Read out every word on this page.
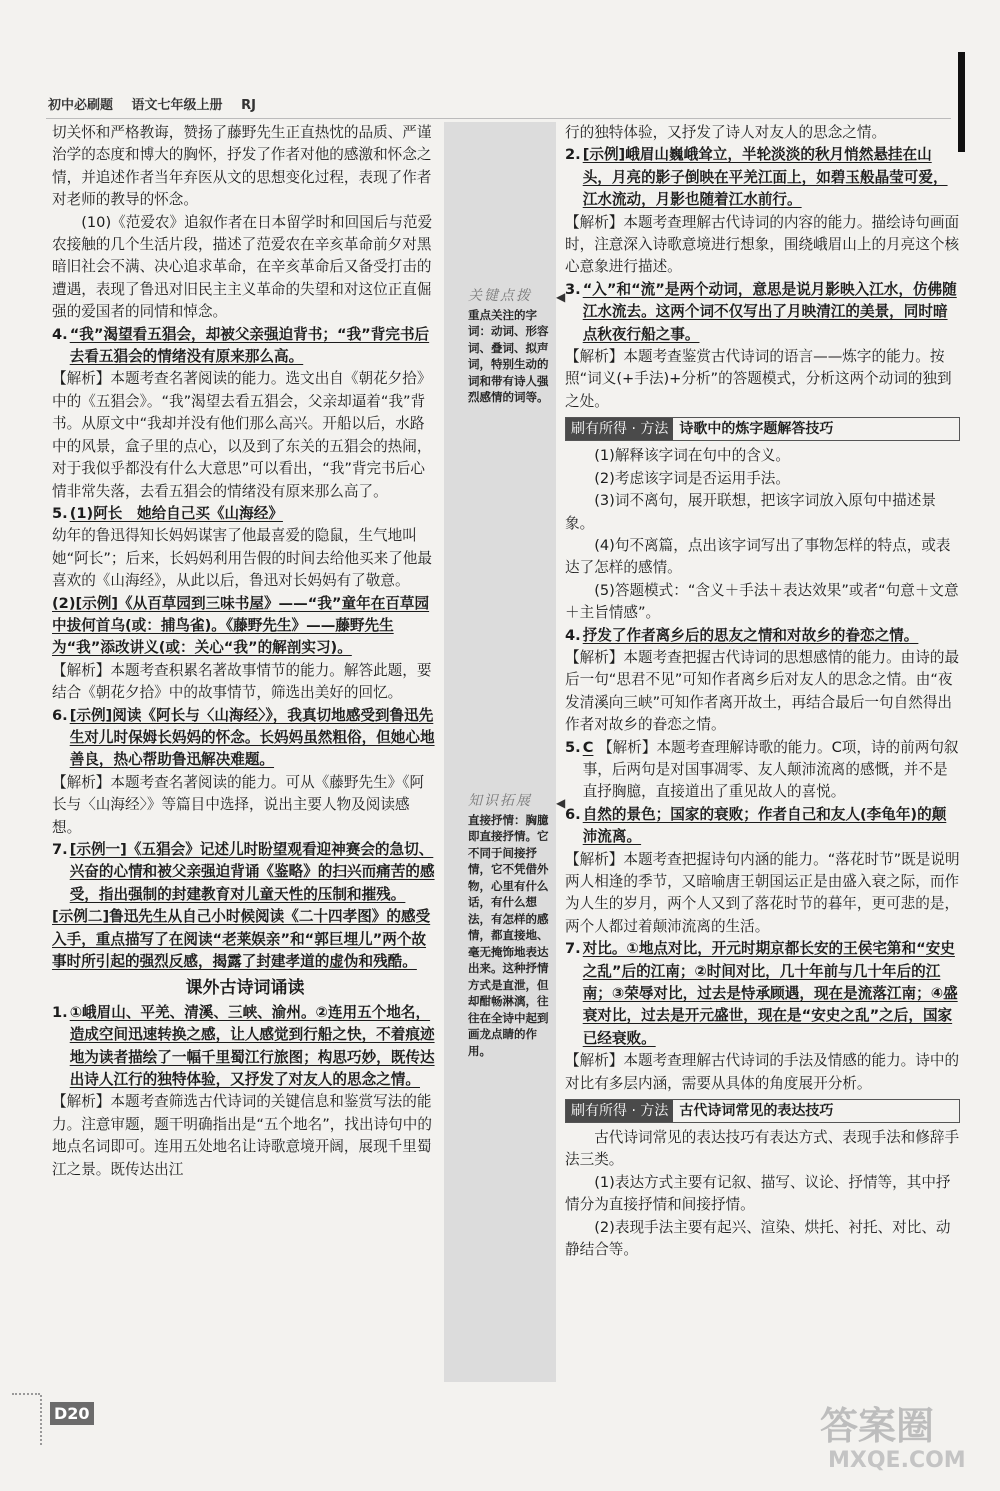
初中必刷题 语文七年级上册 RJ

切关怀和严格教诲，赞扬了藤野先生正直热忱的品质、严谨治学的态度和博大的胸怀，抒发了作者对他的感激和怀念之情，并追述作者当年弃医从文的思想变化过程，表现了作者对老师的教导的怀念。

(10)《范爱农》追叙作者在日本留学时和回国后与范爱农接触的几个生活片段，描述了范爱农在辛亥革命前夕对黑暗旧社会不满、决心追求革命，在辛亥革命后又备受打击的遭遇，表现了鲁迅对旧民主主义革命的失望和对这位正直倔强的爱国者的同情和悼念。

4. “我”渴望看五猖会，却被父亲强迫背书；“我”背完书后去看五猖会的情绪没有原来那么高。

【解析】本题考查名著阅读的能力。选文出自《朝花夕拾》中的《五猖会》。“我”渴望去看五猖会，父亲却逼着“我”背书。从原文中“我却并没有他们那么高兴。开船以后，水路中的风景，盒子里的点心，以及到了东关的五猖会的热闹，对于我似乎都没有什么大意思”可以看出，“我”背完书后心情非常失落，去看五猖会的情绪没有原来那么高了。

5. (1)阿长　她给自己买《山海经》

幼年的鲁迅得知长妈妈谋害了他最喜爱的隐鼠，生气地叫她“阿长”；后来，长妈妈利用告假的时间去给他买来了他最喜欢的《山海经》，从此以后，鲁迅对长妈妈有了敬意。

(2)[示例]《从百草园到三味书屋》——“我”童年在百草园中拔何首乌(或：捕鸟雀)。《藤野先生》——藤野先生为“我”添改讲义(或：关心“我”的解剖实习)。

【解析】本题考查积累名著故事情节的能力。解答此题，要结合《朝花夕拾》中的故事情节，筛选出美好的回忆。

6. [示例]阅读《阿长与〈山海经〉》，我真切地感受到鲁迅先生对儿时保姆长妈妈的怀念。长妈妈虽然粗俗，但她心地善良，热心帮助鲁迅解决难题。

【解析】本题考查名著阅读的能力。可从《藤野先生》《阿长与〈山海经〉》等篇目中选择，说出主要人物及阅读感想。

7. [示例一]《五猖会》记述儿时盼望观看迎神赛会的急切、兴奋的心情和被父亲强迫背诵《鉴略》的扫兴而痛苦的感受，指出强制的封建教育对儿童天性的压制和摧残。

[示例二]鲁迅先生从自己小时候阅读《二十四孝图》的感受入手，重点描写了在阅读“老莱娱亲”和“郭巨埋儿”两个故事时所引起的强烈反感，揭露了封建孝道的虚伪和残酷。

课外古诗词诵读
1. ①峨眉山、平羌、清溪、三峡、渝州。②连用五个地名，造成空间迅速转换之感，让人感觉到行船之快，不着痕迹地为读者描绘了一幅千里蜀江行旅图；构思巧妙，既传达出诗人江行的独特体验，又抒发了对友人的思念之情。

【解析】本题考查筛选古代诗词的关键信息和鉴赏写法的能力。注意审题，题干明确指出是“五个地名”，找出诗句中的地点名词即可。连用五处地名让诗歌意境开阔，展现千里蜀江之景。既传达出江

行的独特体验，又抒发了诗人对友人的思念之情。

2. [示例]峨眉山巍峨耸立，半轮淡淡的秋月悄然悬挂在山头，月亮的影子倒映在平羌江面上，如碧玉般晶莹可爱，江水流动，月影也随着江水前行。

【解析】本题考查理解古代诗词的内容的能力。描绘诗句画面时，注意深入诗歌意境进行想象，围绕峨眉山上的月亮这个核心意象进行描述。

3. “入”和“流”是两个动词，意思是说月影映入江水，仿佛随江水流去。这两个词不仅写出了月映清江的美景，同时暗点秋夜行船之事。

【解析】本题考查鉴赏古代诗词的语言——炼字的能力。按照“词义(+手法)+分析”的答题模式，分析这两个动词的独到之处。

刷有所得 · 方法 诗歌中的炼字题解答技巧

(1)解释该字词在句中的含义。

(2)考虑该字词是否运用手法。

(3)词不离句，展开联想，把该字词放入原句中描述景象。

(4)句不离篇，点出该字词写出了事物怎样的特点，或表达了怎样的感情。

(5)答题模式：“含义＋手法＋表达效果”或者“句意＋文意＋主旨情感”。

4. 抒发了作者离乡后的思友之情和对故乡的眷恋之情。

【解析】本题考查把握古代诗词的思想感情的能力。由诗的最后一句“思君不见”可知作者离乡后对友人的思念之情。由“夜发清溪向三峡”可知作者离开故土，再结合最后一句自然得出作者对故乡的眷恋之情。

5. C 【解析】本题考查理解诗歌的能力。C项，诗的前两句叙事，后两句是对国事凋零、友人颠沛流离的感慨，并不是直抒胸臆，直接道出了重见故人的喜悦。
6. 自然的景色；国家的衰败；作者自己和友人(李龟年)的颠沛流离。

【解析】本题考查把握诗句内涵的能力。“落花时节”既是说明两人相逢的季节，又暗喻唐王朝国运正是由盛入衰之际，而作为人生的岁月，两个人又到了落花时节的暮年，更可悲的是，两个人都过着颠沛流离的生活。

7. 对比。①地点对比，开元时期京都长安的王侯宅第和“安史之乱”后的江南；②时间对比，几十年前与几十年后的江南；③荣辱对比，过去是恃承顾遇，现在是流落江南；④盛衰对比，过去是开元盛世，现在是“安史之乱”之后，国家已经衰败。

【解析】本题考查理解古代诗词的手法及情感的能力。诗中的对比有多层内涵，需要从具体的角度展开分析。

刷有所得 · 方法 古代诗词常见的表达技巧

古代诗词常见的表达技巧有表达方式、表现手法和修辞手法三类。

(1)表达方式主要有记叙、描写、议论、抒情等，其中抒情分为直接抒情和间接抒情。

(2)表现手法主要有起兴、渲染、烘托、衬托、对比、动静结合等。

关键点拨
重点关注的字词：动词、形容词、叠词、拟声词，特别生动的词和带有诗人强烈感情的词等。
◀
知识拓展
直接抒情：胸臆即直接抒情。它不同于间接抒情，它不凭借外物，心里有什么话，有什么想法，有怎样的感情，都直接地、毫无掩饰地表达出来。这种抒情方式是直泄，但却酣畅淋漓，往往在全诗中起到画龙点睛的作用。
◀
D20	答案圈
MXQE.COM
